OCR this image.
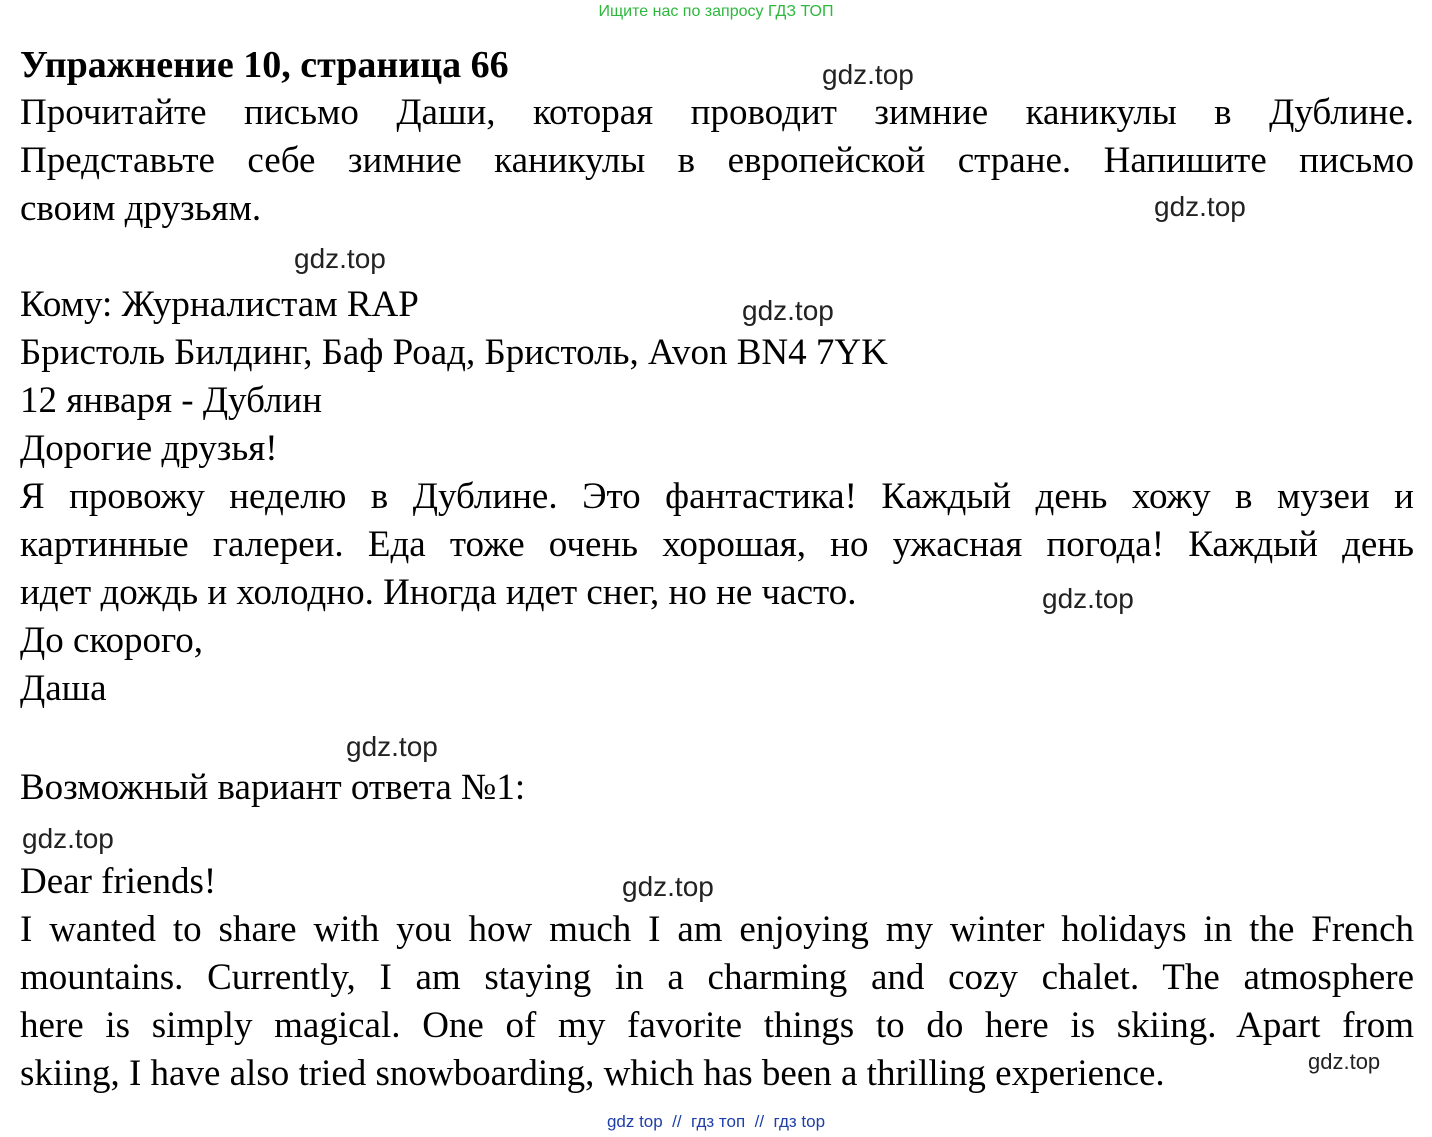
Ищите нас по запросу ГДЗ ТОП
Упражнение 10, страница 66

Прочитайте письмо Даши, которая проводит зимние каникулы в Дублине.
Представьте себе зимние каникулы в европейской стране. Напишите письмо
своим друзьям.

Кому: Журналистам RAP
Бристоль Билдинг, Баф Роад, Бристоль, Avon BN4 7YK
12 января - Дублин
Дорогие друзья!
Я провожу неделю в Дублине. Это фантастика! Каждый день хожу в музеи и
картинные галереи. Еда тоже очень хорошая, но ужасная погода! Каждый день
идет дождь и холодно. Иногда идет снег, но не часто.
До скорого,
Даша
Возможный вариант ответа №1:
Dear friends!
I wanted to share with you how much I am enjoying my winter holidays in the French
mountains. Currently, I am staying in a charming and cozy chalet. The atmosphere
here is simply magical. One of my favorite things to do here is skiing. Apart from
skiing, I have also tried snowboarding, which has been a thrilling experience.
gdz.top
gdz.top
gdz.top
gdz.top
gdz.top
gdz.top
gdz.top
gdz.top
gdz.top
gdz top  //  гдз топ  //  гдз top
